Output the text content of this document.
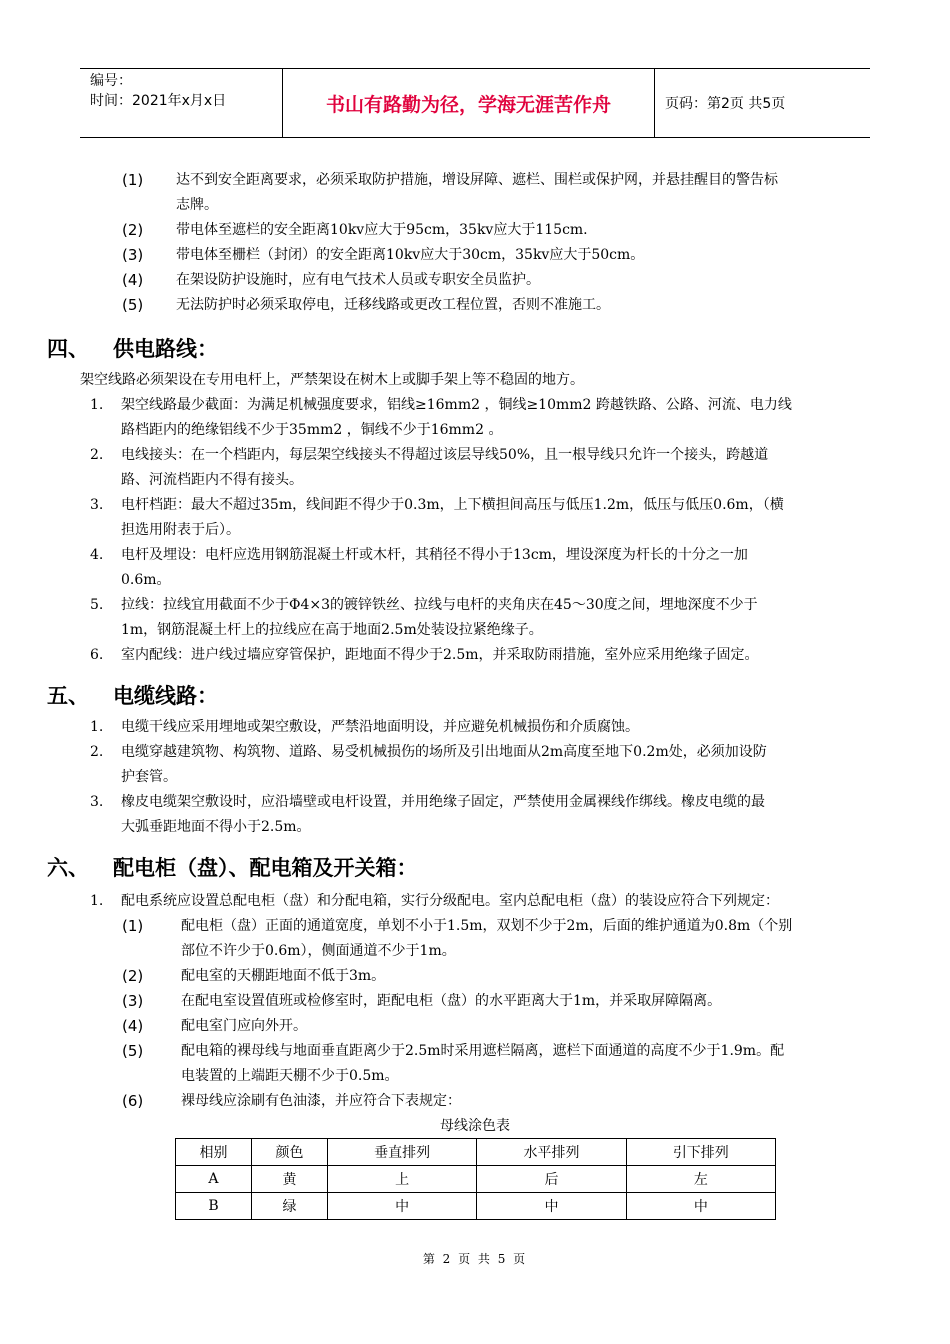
编号：
时间：2021年x月x日	书山有路勤为径，学海无涯苦作舟	页码：第2页 共5页
(1) 达不到安全距离要求，必须采取防护措施，增设屏障、遮栏、围栏或保护网，并悬挂醒目的警告标
志牌。
(2) 带电体至遮栏的安全距离10kv应大于95cm，35kv应大于115cm.
(3) 带电体至栅栏（封闭）的安全距离10kv应大于30cm，35kv应大于50cm。
(4) 在架设防护设施时，应有电气技术人员或专职安全员监护。
(5) 无法防护时必须采取停电，迁移线路或更改工程位置，否则不准施工。
四、 供电路线：
架空线路必须架设在专用电杆上，严禁架设在树木上或脚手架上等不稳固的地方。
1. 架空线路最少截面：为满足机械强度要求，铝线≥16mm2 ，铜线≥10mm2 跨越铁路、公路、河流、电力线
路档距内的绝缘铝线不少于35mm2 ，铜线不少于16mm2 。
2. 电线接头：在一个档距内，每层架空线接头不得超过该层导线50%，且一根导线只允许一个接头，跨越道
路、河流档距内不得有接头。
3. 电杆档距：最大不超过35m，线间距不得少于0.3m，上下横担间高压与低压1.2m，低压与低压0.6m，（横
担选用附表于后）。
4. 电杆及埋设：电杆应选用钢筋混凝土杆或木杆，其稍径不得小于13cm，埋设深度为杆长的十分之一加
0.6m。
5. 拉线：拉线宜用截面不少于Φ4×3的镀锌铁丝、拉线与电杆的夹角庆在45～30度之间，埋地深度不少于
1m，钢筋混凝土杆上的拉线应在高于地面2.5m处装设拉紧绝缘子。
6. 室内配线：进户线过墙应穿管保护，距地面不得少于2.5m，并采取防雨措施，室外应采用绝缘子固定。
五、 电缆线路：
1. 电缆干线应采用埋地或架空敷设，严禁沿地面明设，并应避免机械损伤和介质腐蚀。
2. 电缆穿越建筑物、构筑物、道路、易受机械损伤的场所及引出地面从2m高度至地下0.2m处，必须加设防
护套管。
3. 橡皮电缆架空敷设时，应沿墙壁或电杆设置，并用绝缘子固定，严禁使用金属裸线作绑线。橡皮电缆的最
大弧垂距地面不得小于2.5m。
六、 配电柜（盘）、配电箱及开关箱：
1. 配电系统应设置总配电柜（盘）和分配电箱，实行分级配电。室内总配电柜（盘）的装设应符合下列规定：
(1)	配电柜（盘）正面的通道宽度，单划不小于1.5m，双划不少于2m，后面的维护通道为0.8m（个别
部位不许少于0.6m），侧面通道不少于1m。
(2)	配电室的天棚距地面不低于3m。
(3)	在配电室设置值班或检修室时，距配电柜（盘）的水平距离大于1m，并采取屏障隔离。
(4)	配电室门应向外开。
(5)	配电箱的裸母线与地面垂直距离少于2.5m时采用遮栏隔离，遮栏下面通道的高度不少于1.9m。配
电装置的上端距天棚不少于0.5m。
(6)	裸母线应涂刷有色油漆，并应符合下表规定：
母线涂色表
相别	颜色	垂直排列	水平排列	引下排列
A	黄	上	后	左
B	绿	中	中	中
第 2 页 共 5 页
